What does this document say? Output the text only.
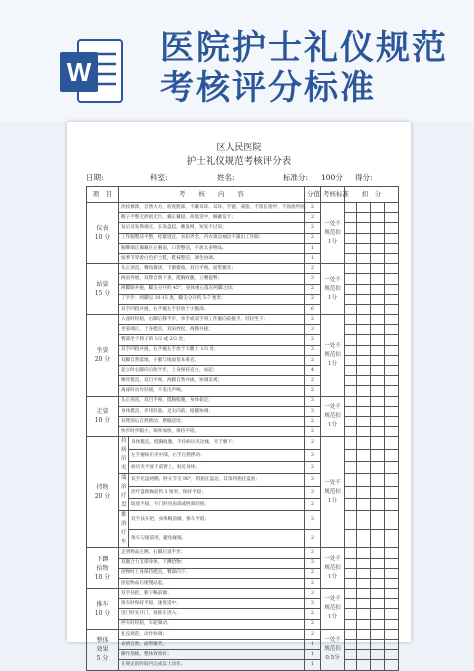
W
医院护士礼仪规范
考核评分标准
区人民医院
护士礼仪规范考核评分表
日期:	科室:	姓名:	标准分: 100分 得分:
项　目	考　　核　　内　　容		分值	考核标准	扣　分			
仪表
10 分	淡妆修饰，自然大方，检查脸部，不戴耳环、耳环、手链、戒指，不留长指甲，不涂指甲油。		2	一处不规范扣1分				
	帽子平整无折痕无污，戴正戴稳，高低适中，佩戴发卡；		2					
	发后及发饰端庄，长发盘起，戴发网，短发不过肩；		2					
	工作服整洁平整，松紧适宜，衣扣齐全，内衣领边袖边不露出工作服；		2					
	胸牌端正佩戴在左胸前，口袋整洁，不放太多物品。		1					
	按季节穿着白色护士鞋，鞋袜整洁，颜色协调。		1					
站姿
15 分	头正颈直，嘴角微闭，下颌微收，双目平视，面带微笑；		2	一处不规范扣1分				
	两肩外展，双臂自然下垂，挺胸收腹，立腰提臀；		3					
	两脚跟并拢，脚尖分开约 45°，身体重心落在两脚之间；		2					
	丁字步：两脚呈 10-15 度，脚尖分开约 5-7 厘米；		2					
	双手四指并拢，右手握左手轻放于小腹部；		6					
坐姿
20 分	入座时轻稳，右脚后移半步，单手或双手将工作服向前拢平，轻轻坐下；		2	一处不规范扣1分				
	坐姿端正，上身挺直，双肩放松，两膝并拢；		3					
	臀部坐于椅子的 1/2 或 2/3 处；		2					
	双手四指并拢，右手握左手放于大腿上 1/3 处；		3					
	双脚自然落地，小腿与地面基本垂直；		2					
	起立时右脚向后收半步，上身保持直立，站起；		4					
	腰背挺直，双目平视，两腿自然并拢，协调美观；		2					
	离座时动作轻缓，不发出声响。		2					
走姿
10 分	头正颈直，双目平视，挺胸收腹，身体稳定；		3	一处不规范扣1分				
	身体挺直，步伐轻盈，足尖向前，稳健协调；		3					
	双臂前后自然摆动，摆幅适度；		2					
	快步时步幅小，频率加快，保持平稳。		2					
持物
20 分	持病历夹	身体挺直，挺胸收腹，手持病历夹边缘，夹于腋下；	2	一处不规范扣1分				
		左手握病历夹中部，右手自然摆动；	3					
		病历夹平放于前臂上，贴近身体；	2					
	端治疗盘	双手托盘两侧，肘关节呈 90°，拇指在盘边，其余四指托盘底；	3					
		治疗盘距胸前约 5 厘米，保持平稳；	3					
		取放平稳，开门时用肩部或肘部轻推；	2					
	推治疗车	双手扶车把，身体略前倾，推车平稳；	3					
		推车匀速前进，避免碰撞。	2					
下蹲
拾物
10 分	走到物品左侧，右脚后退半步；		3	一处不规范扣1分				
	双腿合力支撑身体，下蹲拾物；		3					
	拾物时上身保持挺直，臀部向下；		2					
	拾起物品后缓慢站起。		2					
推车
10 分	双手扶把，躯干略前倾；		3	一处不规范扣1分				
	推车时保持平稳，速度适中；		3					
	进门时先开门，再推车进入；		2					
	停车时轻稳，车轮制动。		2					
整体
效果
5 分	礼仪规范，动作协调；		2	一处不规范扣0.5分				
	表情自然，面带微笑；		1					
	操作熟练，整体效果好；		1					
	在规定的时间内完成以上动作。		1					
